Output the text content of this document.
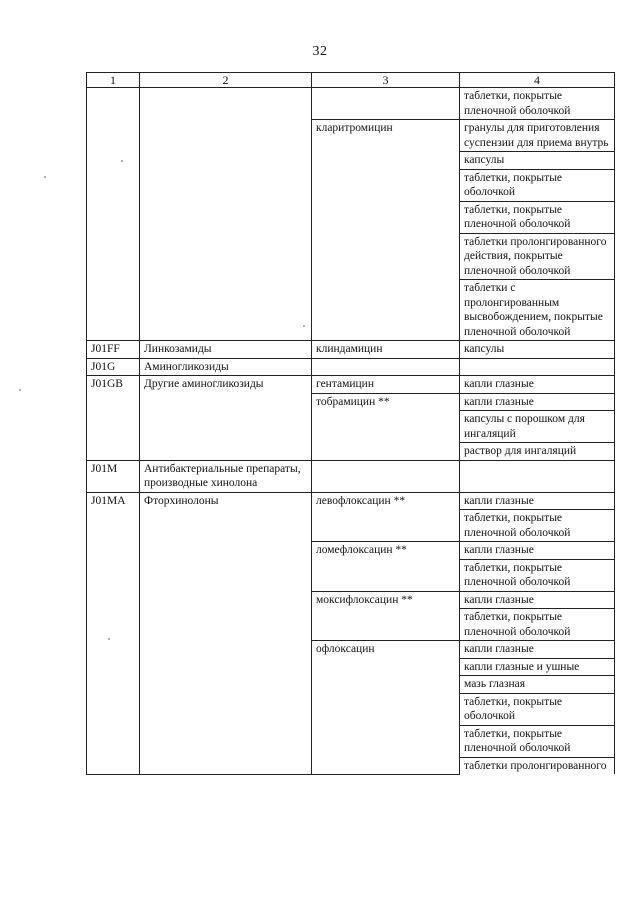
32
1	2	3	4
			таблетки, покрытые пленочной оболочкой
		кларитромицин	гранулы для приготовления суспензии для приема внутрь
			капсулы
			таблетки, покрытые оболочкой
			таблетки, покрытые пленочной оболочкой
			таблетки пролонгированного действия, покрытые пленочной оболочкой
			таблетки с пролонгированным высвобождением, покрытые пленочной оболочкой
J01FF	Линкозамиды	клиндамицин	капсулы
J01G	Аминогликозиды		
J01GB	Другие аминогликозиды	гентамицин	капли глазные
		тобрамицин **	капли глазные
			капсулы с порошком для ингаляций
			раствор для ингаляций
J01M	Антибактериальные препараты, производные хинолона		
J01MA	Фторхинолоны	левофлоксацин **	капли глазные
			таблетки, покрытые пленочной оболочкой
		ломефлоксацин **	капли глазные
			таблетки, покрытые пленочной оболочкой
		моксифлоксацин **	капли глазные
			таблетки, покрытые пленочной оболочкой
		офлоксацин	капли глазные
			капли глазные и ушные
			мазь глазная
			таблетки, покрытые оболочкой
			таблетки, покрытые пленочной оболочкой
			таблетки пролонгированного
